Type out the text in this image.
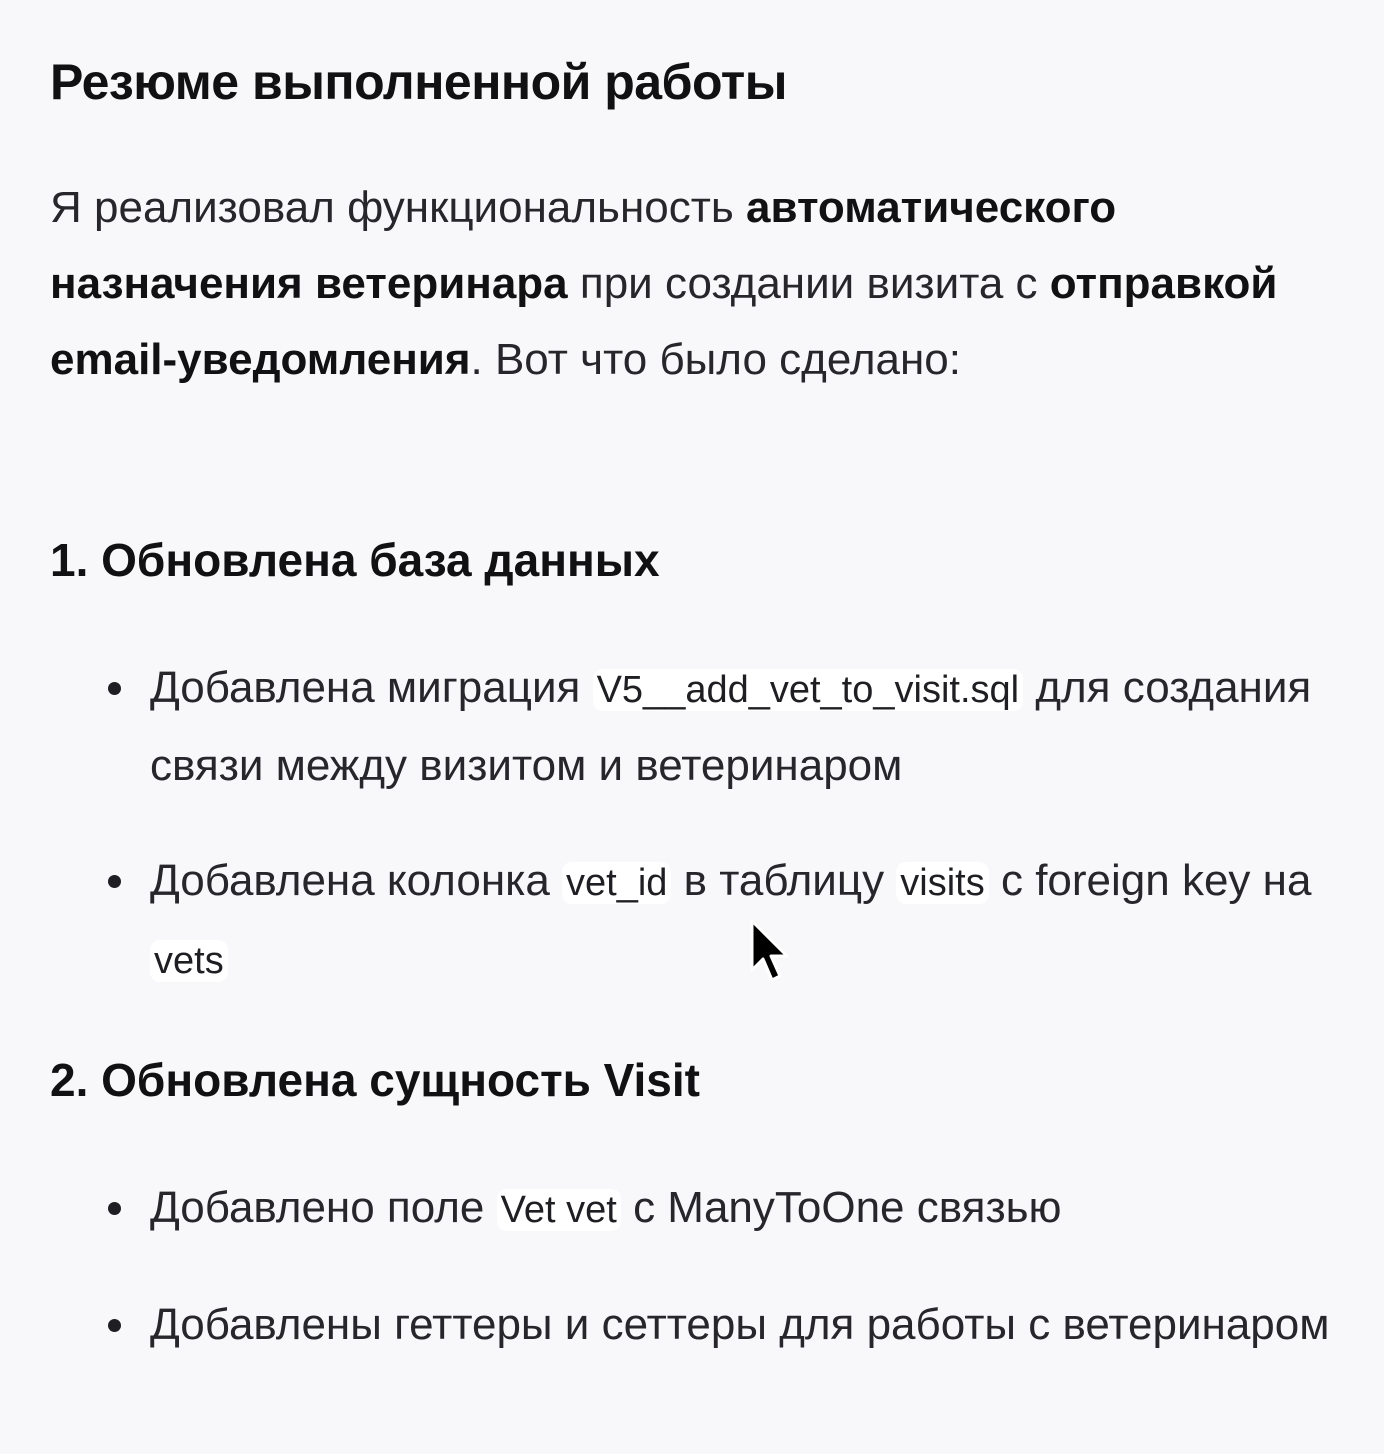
Резюме выполненной работы

Я реализовал функциональность автоматического назначения ветеринара при создании визита с отправкой email-уведомления. Вот что было сделано:

1. Обновлена база данных
Добавлена миграция V5__add_vet_to_visit.sql для создания связи между визитом и ветеринаром
Добавлена колонка vet_id в таблицу visits с foreign key на vets
2. Обновлена сущность Visit
Добавлено поле Vet vet с ManyToOne связью
Добавлены геттеры и сеттеры для работы с ветеринаром
